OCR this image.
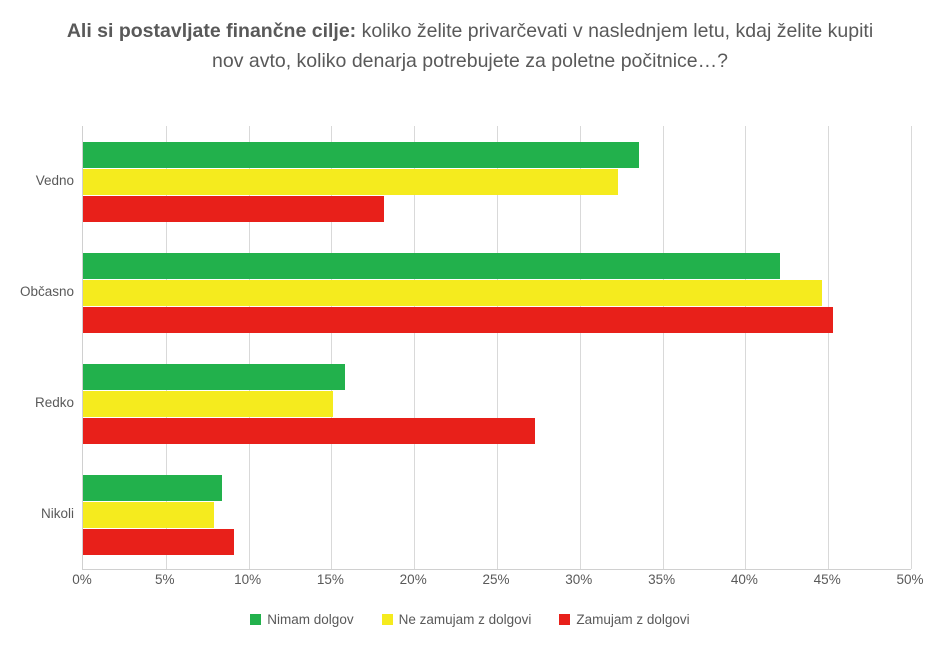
Ali si postavljate finančne cilje: koliko želite privarčevati v naslednjem letu, kdaj želite kupiti nov avto, koliko denarja potrebujete za poletne počitnice…?
Vedno
Občasno
Redko
Nikoli
0%	5%	10%	15%	20%	25%	30%	35%	40%	45%	50%
Nimam dolgov	Ne zamujam z dolgovi	Zamujam z dolgovi
